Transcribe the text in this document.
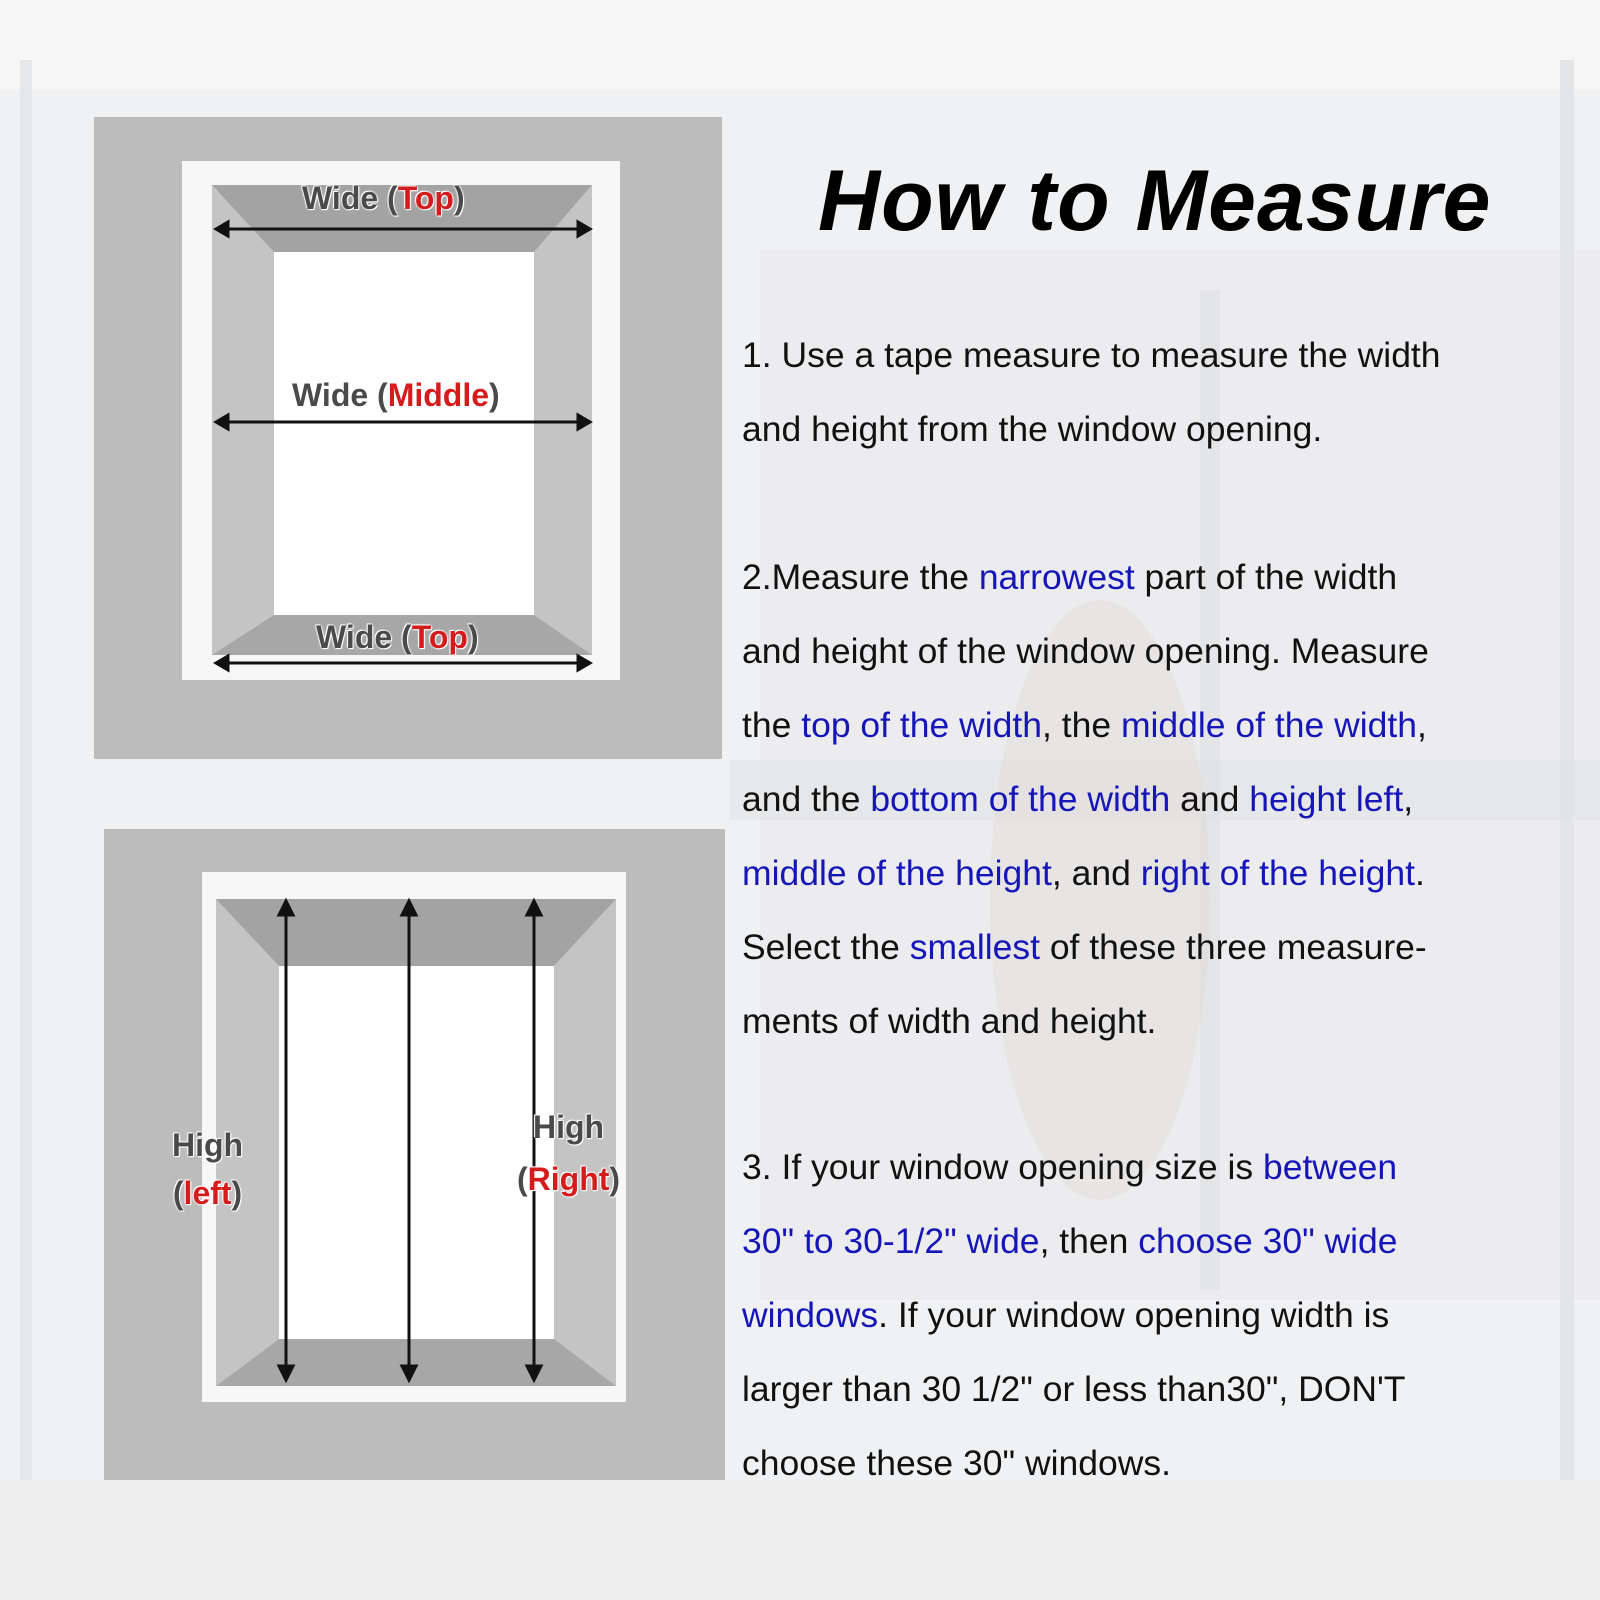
Wide (Top)
Wide (Middle)
Wide (Top)
High
(left)
High
(Right)
How to Measure
1. Use a tape measure to measure the width
and height from the window opening.
2.Measure the narrowest part of the width
and height of the window opening. Measure
the top of the width, the middle of the width,
and the bottom of the width and height left,
middle of the height, and right of the height.
Select the smallest of these three measure-
ments of width and height.
3. If your window opening size is between
30" to 30-1/2" wide, then choose 30" wide
windows. If your window opening width is
larger than 30 1/2" or less than30", DON'T
choose these 30" windows.
